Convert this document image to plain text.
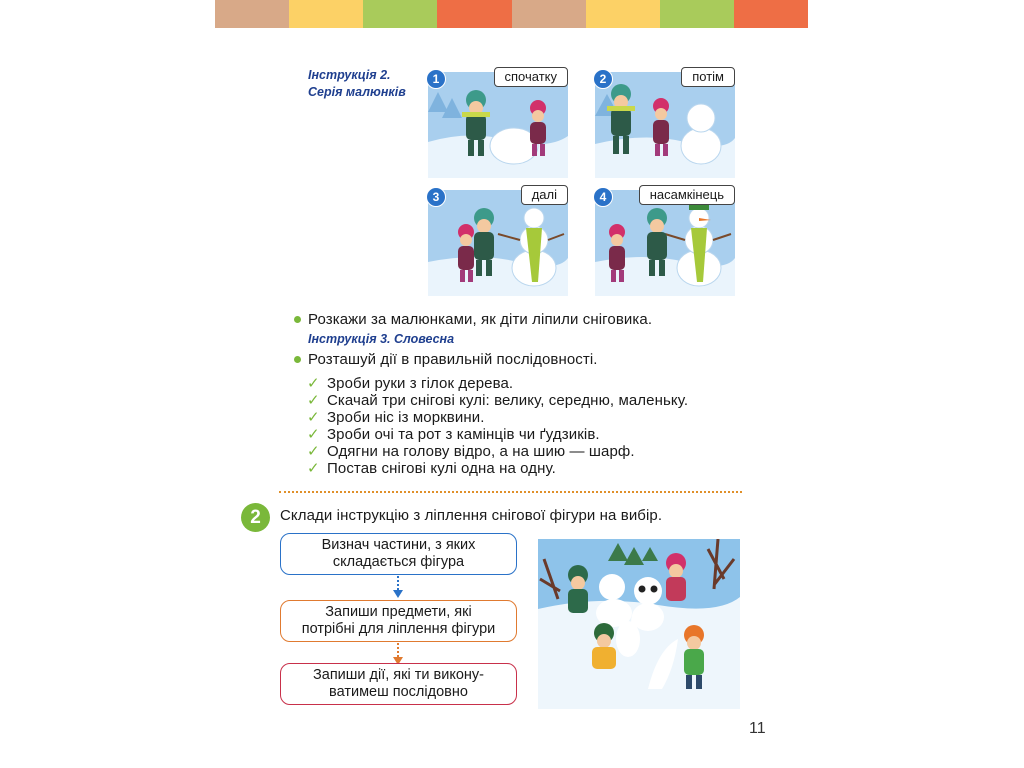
Інструкція 2.
Серія малюнків
1	спочатку	2	потім
3	далі	4	насамкінець
Розкажи за малюнками, як діти ліпили сніговика.
Інструкція 3. Словесна
Розташуй дії в правильній послідовності.
✓ Зроби руки з гілок дерева.
✓ Скачай три снігові кулі: велику, середню, маленьку.
✓ Зроби ніс із морквини.
✓ Зроби очі та рот з камінців чи ґудзиків.
✓ Одягни на голову відро, а на шию — шарф.
✓ Постав снігові кулі одна на одну.
2	Склади інструкцію з ліплення снігової фігури на вибір.
Визнач частини, з яких
складається фігура
Запиши предмети, які
потрібні для ліплення фігури
Запиши дії, які ти викону-
ватимеш послідовно
11
